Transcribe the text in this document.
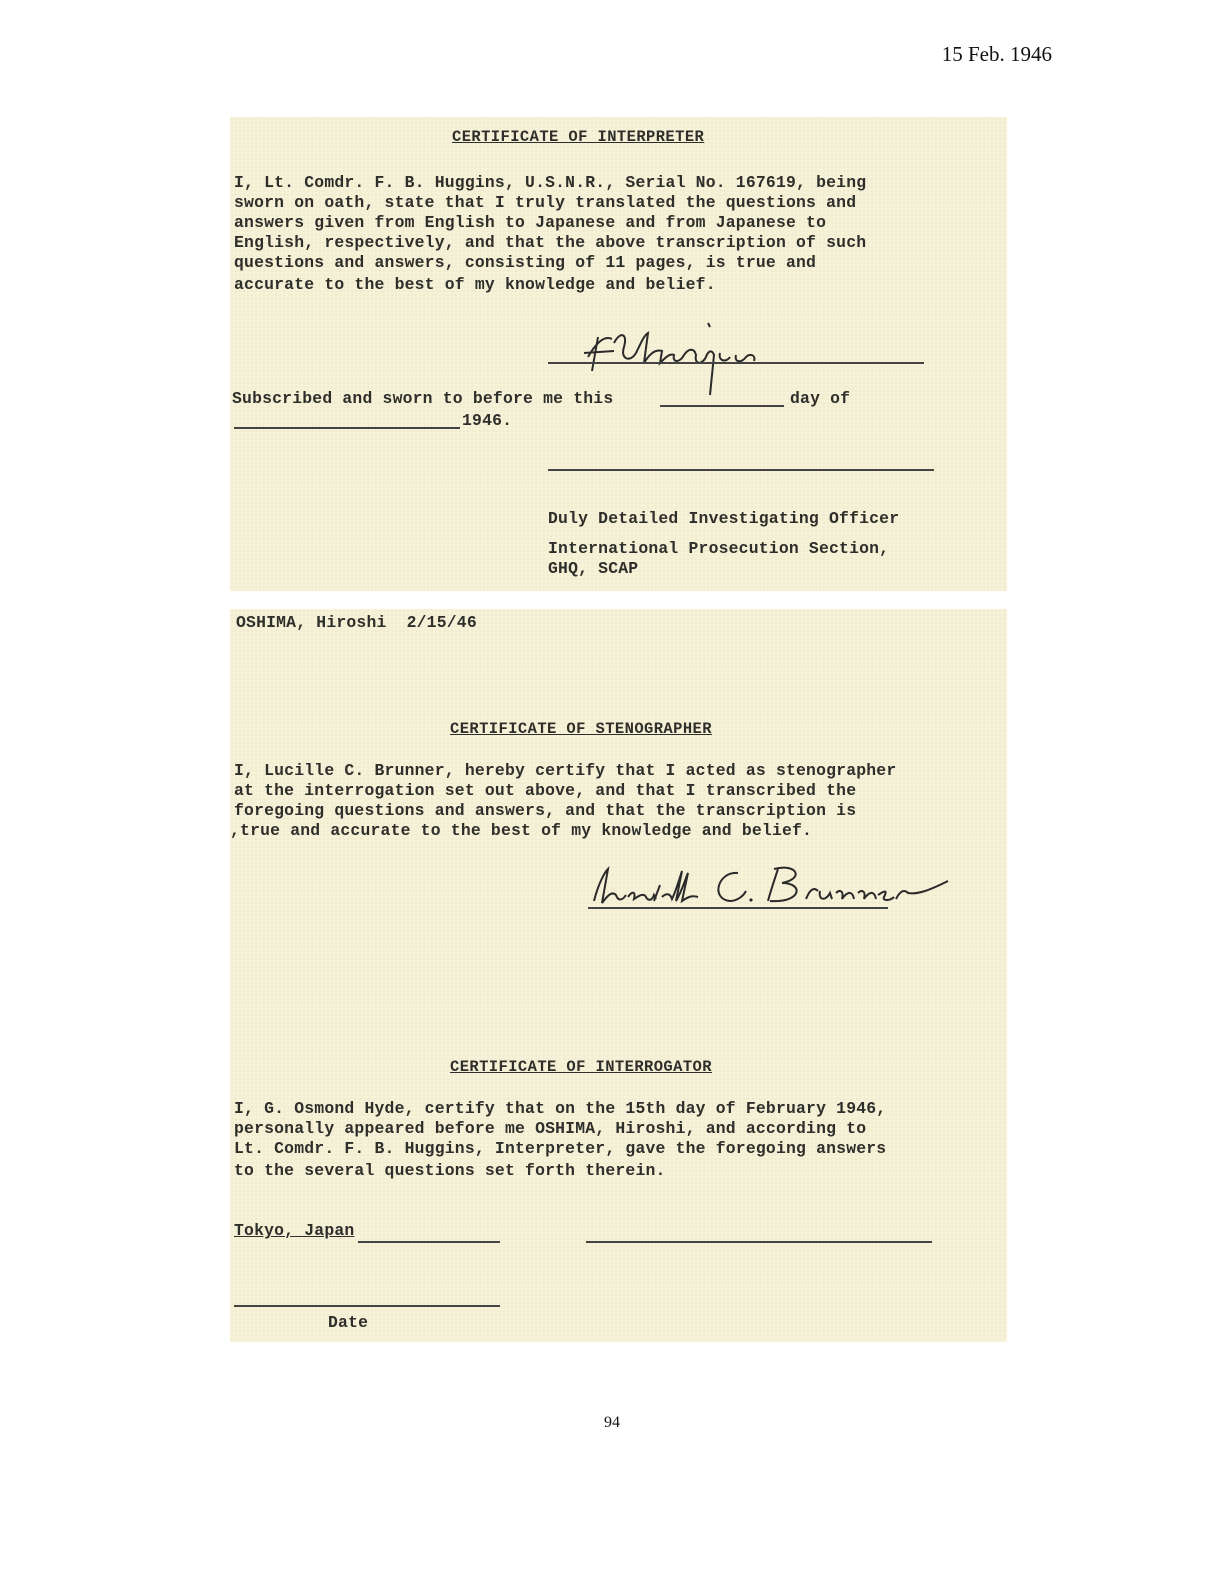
15 Feb. 1946
CERTIFICATE OF INTERPRETER
I, Lt. Comdr. F. B. Huggins, U.S.N.R., Serial No. 167619, being
sworn on oath, state that I truly translated the questions and
answers given from English to Japanese and from Japanese to
English, respectively, and that the above transcription of such
questions and answers, consisting of 11 pages, is true and
accurate to the best of my knowledge and belief.
Subscribed and sworn to before me this	day of
1946.
Duly Detailed Investigating Officer
International Prosecution Section,
GHQ, SCAP
OSHIMA, Hiroshi  2/15/46
CERTIFICATE OF STENOGRAPHER
I, Lucille C. Brunner, hereby certify that I acted as stenographer
at the interrogation set out above, and that I transcribed the
foregoing questions and answers, and that the transcription is
,true and accurate to the best of my knowledge and belief.
CERTIFICATE OF INTERROGATOR
I, G. Osmond Hyde, certify that on the 15th day of February 1946,
personally appeared before me OSHIMA, Hiroshi, and according to
Lt. Comdr. F. B. Huggins, Interpreter, gave the foregoing answers
to the several questions set forth therein.
Tokyo, Japan
Date
94
